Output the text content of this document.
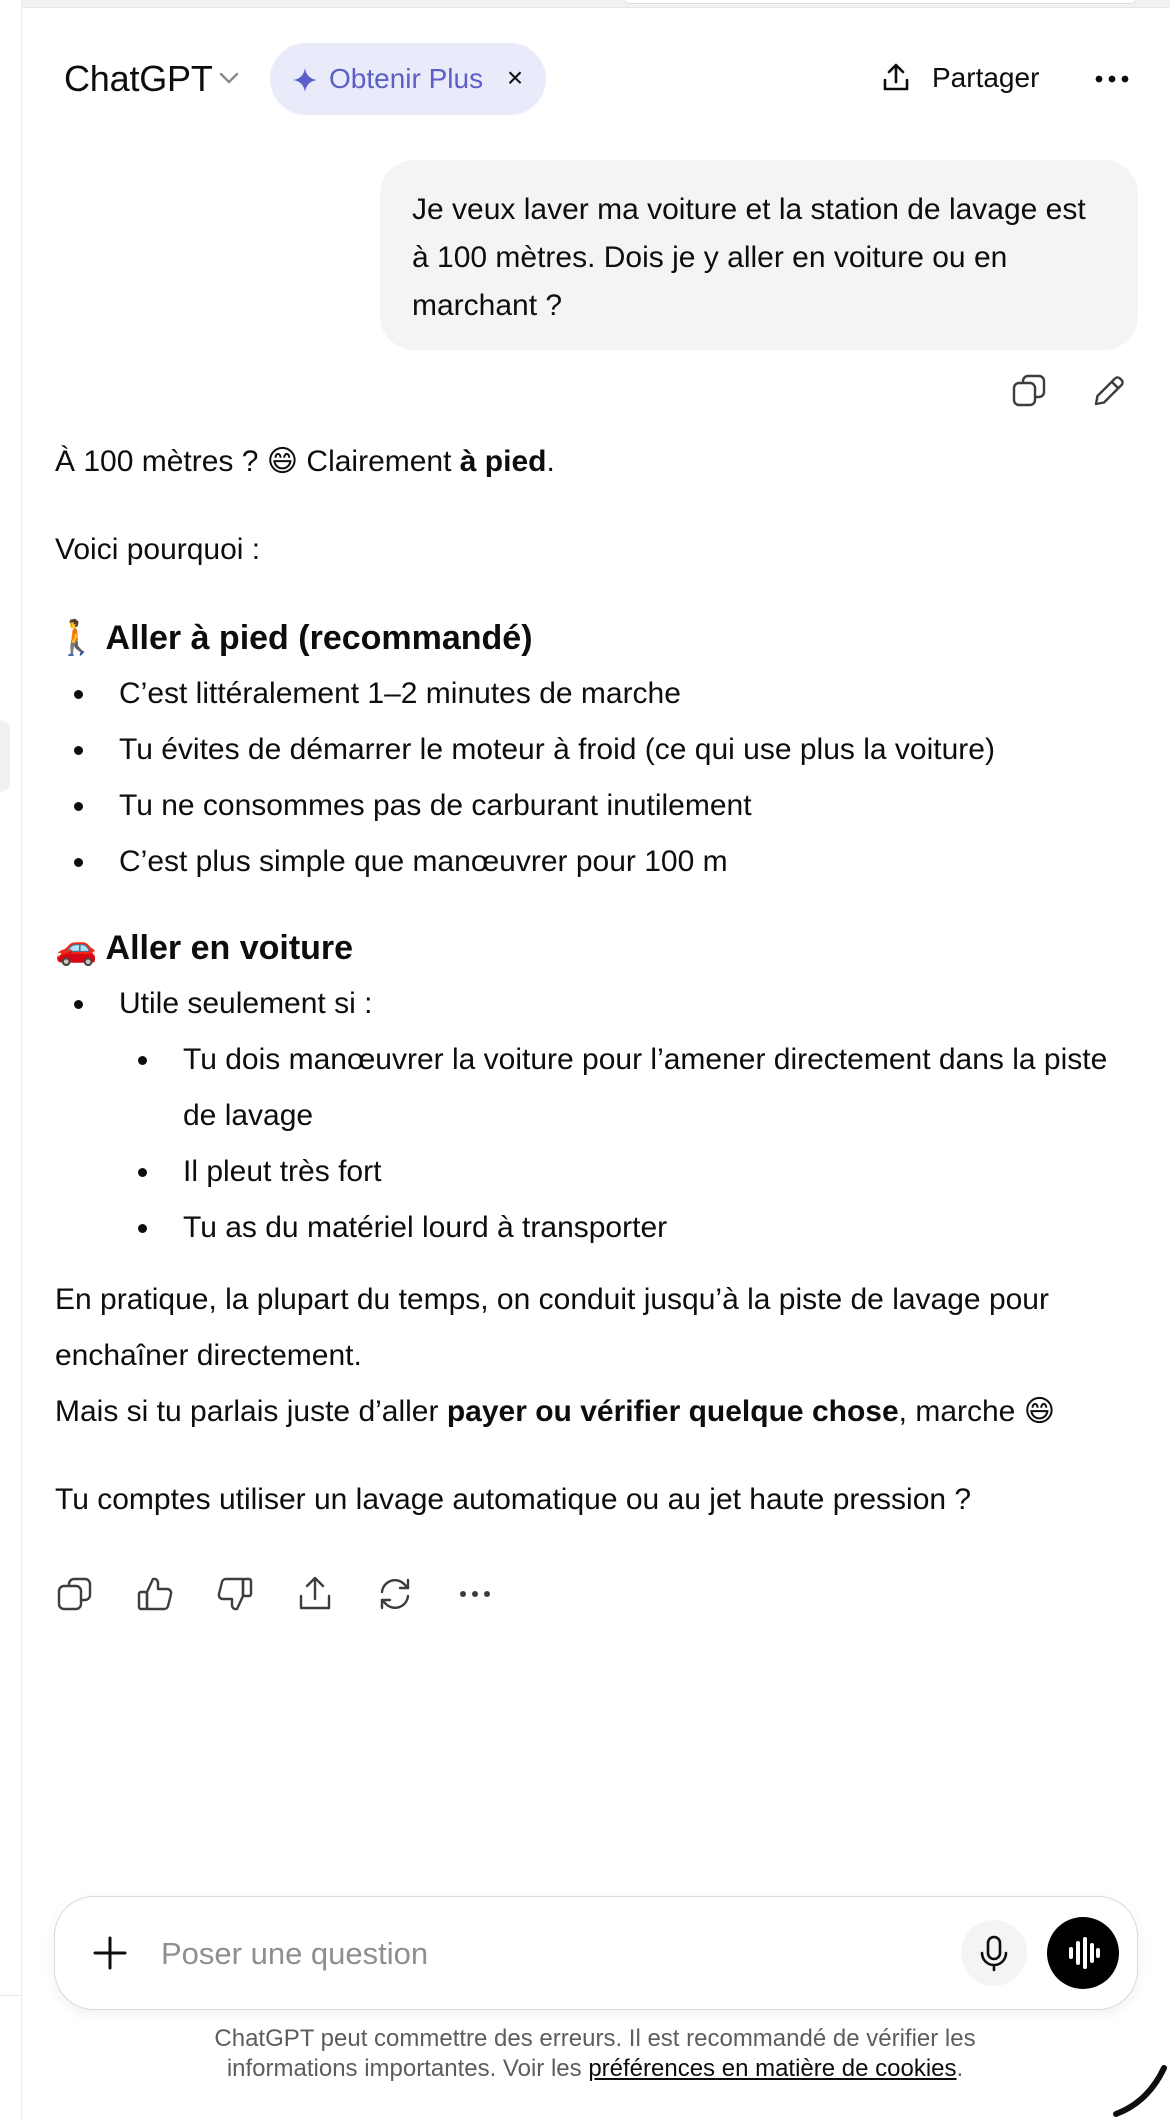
ChatGPT	Obtenir Plus ×	Partager
Je veux laver ma voiture et la station de lavage est à 100 mètres. Dois je y aller en voiture ou en marchant ?

À 100 mètres ? 😄 Clairement à pied.

Voici pourquoi :

🚶 Aller à pied (recommandé)

C’est littéralement 1–2 minutes de marche
Tu évites de démarrer le moteur à froid (ce qui use plus la voiture)
Tu ne consommes pas de carburant inutilement
C’est plus simple que manœuvrer pour 100 m

🚗 Aller en voiture

Utile seulement si :
Tu dois manœuvrer la voiture pour l’amener directement dans la piste de lavage
Il pleut très fort
Tu as du matériel lourd à transporter

En pratique, la plupart du temps, on conduit jusqu’à la piste de lavage pour enchaîner directement.

Mais si tu parlais juste d’aller payer ou vérifier quelque chose, marche 😄

Tu comptes utiliser un lavage automatique ou au jet haute pression ?

Poser une question
ChatGPT peut commettre des erreurs. Il est recommandé de vérifier les
informations importantes. Voir les préférences en matière de cookies.
